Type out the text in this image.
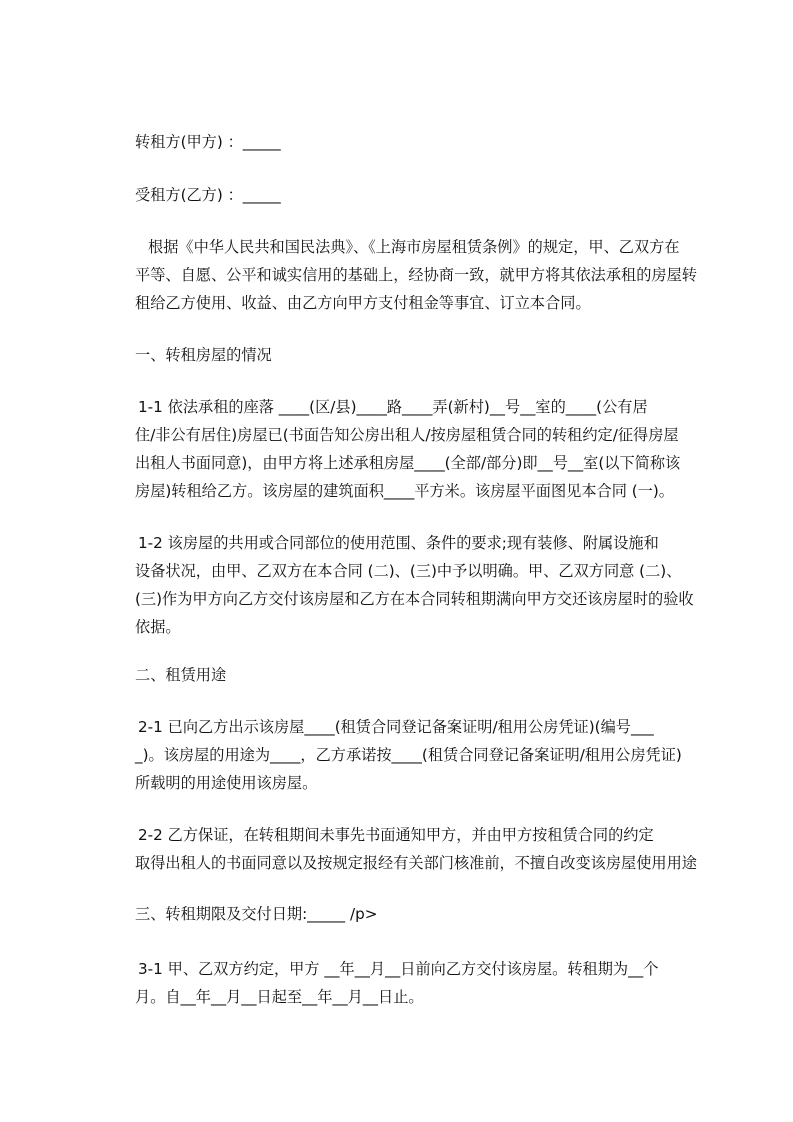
转租方(甲方) ：_____
受租方(乙方) ：_____
根据《中华人民共和国民法典》、《上海市房屋租赁条例》的规定，甲、乙双方在
平等、自愿、公平和诚实信用的基础上，经协商一致，就甲方将其依法承租的房屋转
租给乙方使用、收益、由乙方向甲方支付租金等事宜、订立本合同。
一、转租房屋的情况
1-1 依法承租的座落 ____(区/县)____路____弄(新村)__号__室的____(公有居
住/非公有居住)房屋已(书面告知公房出租人/按房屋租赁合同的转租约定/征得房屋
出租人书面同意)，由甲方将上述承租房屋____(全部/部分)即__号__室(以下简称该
房屋)转租给乙方。该房屋的建筑面积____平方米。该房屋平面图见本合同 (一)。
1-2 该房屋的共用或合同部位的使用范围、条件的要求;现有装修、附属设施和
设备状况，由甲、乙双方在本合同 (二)、(三)中予以明确。甲、乙双方同意 (二)、
(三)作为甲方向乙方交付该房屋和乙方在本合同转租期满向甲方交还该房屋时的验收
依据。
二、租赁用途
2-1 已向乙方出示该房屋____(租赁合同登记备案证明/租用公房凭证)(编号___
_)。该房屋的用途为____，乙方承诺按____(租赁合同登记备案证明/租用公房凭证)
所载明的用途使用该房屋。
2-2 乙方保证，在转租期间未事先书面通知甲方，并由甲方按租赁合同的约定
取得出租人的书面同意以及按规定报经有关部门核准前，不擅自改变该房屋使用用途
三、转租期限及交付日期:_____ /p>
3-1 甲、乙双方约定，甲方 __年__月__日前向乙方交付该房屋。转租期为__个
月。自__年__月__日起至__年__月__日止。
